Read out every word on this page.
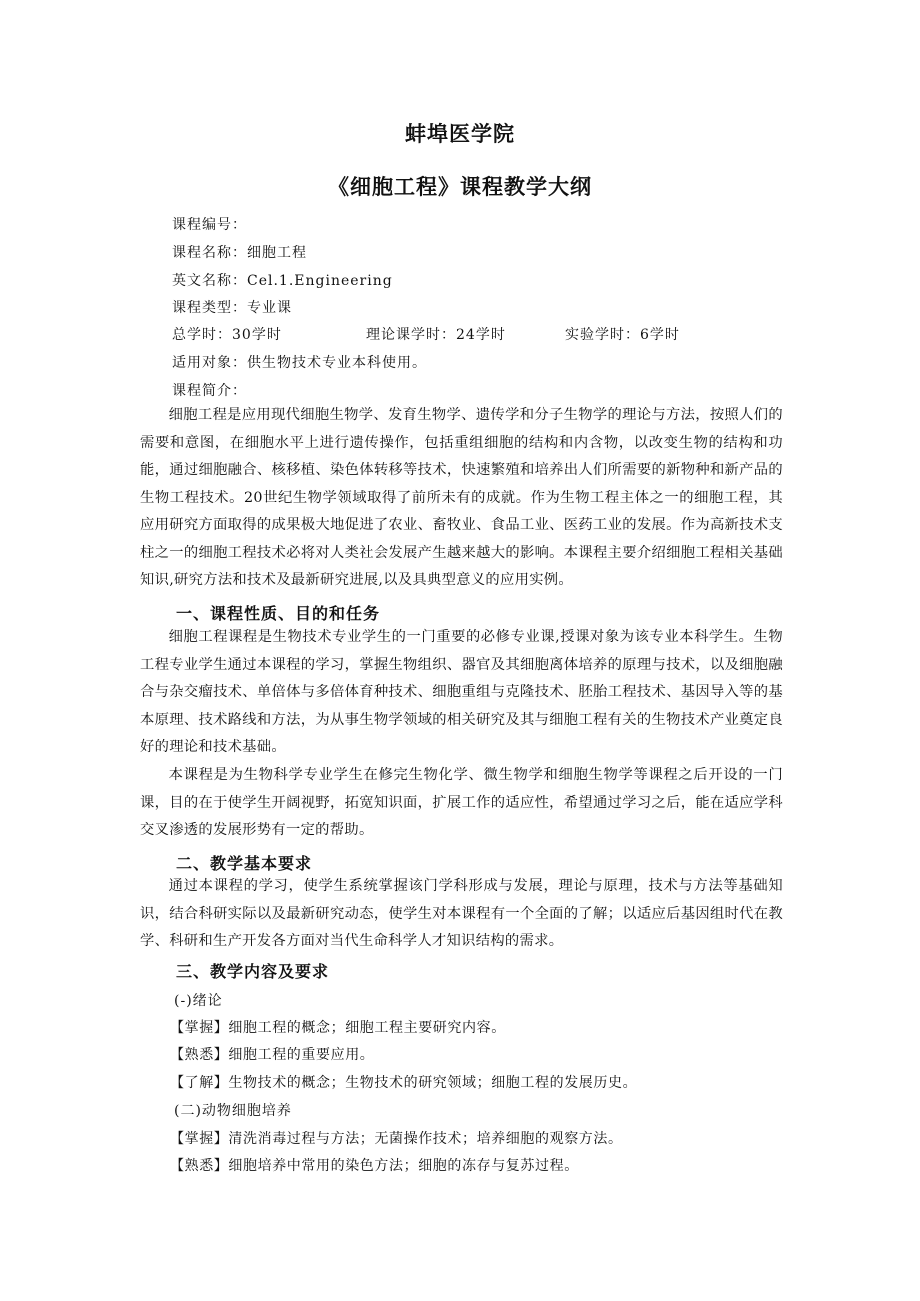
蚌埠医学院
《细胞工程》课程教学大纲
课程编号：
课程名称：细胞工程
英文名称：Cel.1.Engineering
课程类型：专业课
总学时：30学时	理论课学时：24学时	实验学时：6学时
适用对象：供生物技术专业本科使用。
课程简介：

细胞工程是应用现代细胞生物学、发育生物学、遗传学和分子生物学的理论与方法，按照人们的需要和意图，在细胞水平上进行遗传操作，包括重组细胞的结构和内含物，以改变生物的结构和功能，通过细胞融合、核移植、染色体转移等技术，快速繁殖和培养出人们所需要的新物种和新产品的生物工程技术。20世纪生物学领域取得了前所未有的成就。作为生物工程主体之一的细胞工程，其应用研究方面取得的成果极大地促进了农业、畜牧业、食品工业、医药工业的发展。作为高新技术支柱之一的细胞工程技术必将对人类社会发展产生越来越大的影响。本课程主要介绍细胞工程相关基础知识,研究方法和技术及最新研究进展,以及具典型意义的应用实例。

一、课程性质、目的和任务

细胞工程课程是生物技术专业学生的一门重要的必修专业课,授课对象为该专业本科学生。生物工程专业学生通过本课程的学习，掌握生物组织、器官及其细胞离体培养的原理与技术，以及细胞融合与杂交瘤技术、单倍体与多倍体育种技术、细胞重组与克隆技术、胚胎工程技术、基因导入等的基本原理、技术路线和方法，为从事生物学领域的相关研究及其与细胞工程有关的生物技术产业奠定良好的理论和技术基础。

本课程是为生物科学专业学生在修完生物化学、微生物学和细胞生物学等课程之后开设的一门课，目的在于使学生开阔视野，拓宽知识面，扩展工作的适应性，希望通过学习之后，能在适应学科交叉渗透的发展形势有一定的帮助。

二、教学基本要求

通过本课程的学习，使学生系统掌握该门学科形成与发展，理论与原理，技术与方法等基础知识，结合科研实际以及最新研究动态，使学生对本课程有一个全面的了解；以适应后基因组时代在教学、科研和生产开发各方面对当代生命科学人才知识结构的需求。

三、教学内容及要求
(-)绪论
【掌握】细胞工程的概念；细胞工程主要研究内容。
【熟悉】细胞工程的重要应用。
【了解】生物技术的概念；生物技术的研究领域；细胞工程的发展历史。
(二)动物细胞培养
【掌握】清洗消毒过程与方法；无菌操作技术；培养细胞的观察方法。
【熟悉】细胞培养中常用的染色方法；细胞的冻存与复苏过程。
